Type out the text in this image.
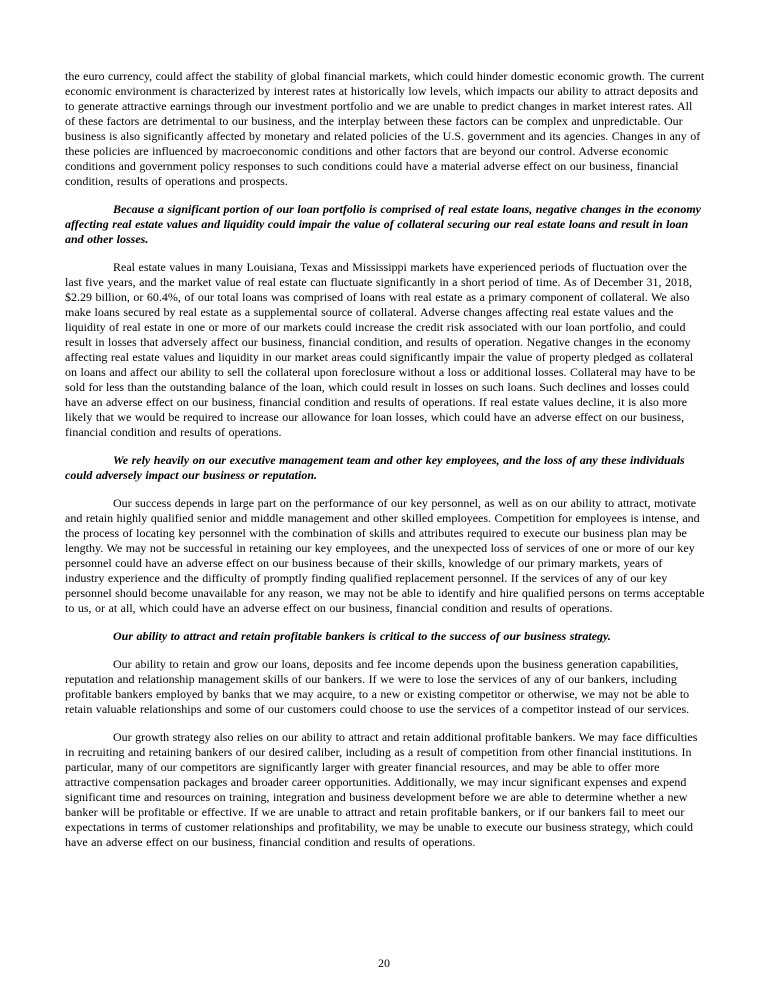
the euro currency, could affect the stability of global financial markets, which could hinder domestic economic growth. The current economic environment is characterized by interest rates at historically low levels, which impacts our ability to attract deposits and to generate attractive earnings through our investment portfolio and we are unable to predict changes in market interest rates. All of these factors are detrimental to our business, and the interplay between these factors can be complex and unpredictable. Our business is also significantly affected by monetary and related policies of the U.S. government and its agencies. Changes in any of these policies are influenced by macroeconomic conditions and other factors that are beyond our control. Adverse economic conditions and government policy responses to such conditions could have a material adverse effect on our business, financial condition, results of operations and prospects.

Because a significant portion of our loan portfolio is comprised of real estate loans, negative changes in the economy affecting real estate values and liquidity could impair the value of collateral securing our real estate loans and result in loan and other losses.

Real estate values in many Louisiana, Texas and Mississippi markets have experienced periods of fluctuation over the last five years, and the market value of real estate can fluctuate significantly in a short period of time. As of December 31, 2018, $2.29 billion, or 60.4%, of our total loans was comprised of loans with real estate as a primary component of collateral. We also make loans secured by real estate as a supplemental source of collateral. Adverse changes affecting real estate values and the liquidity of real estate in one or more of our markets could increase the credit risk associated with our loan portfolio, and could result in losses that adversely affect our business, financial condition, and results of operation. Negative changes in the economy affecting real estate values and liquidity in our market areas could significantly impair the value of property pledged as collateral on loans and affect our ability to sell the collateral upon foreclosure without a loss or additional losses. Collateral may have to be sold for less than the outstanding balance of the loan, which could result in losses on such loans. Such declines and losses could have an adverse effect on our business, financial condition and results of operations. If real estate values decline, it is also more likely that we would be required to increase our allowance for loan losses, which could have an adverse effect on our business, financial condition and results of operations.

We rely heavily on our executive management team and other key employees, and the loss of any these individuals could adversely impact our business or reputation.

Our success depends in large part on the performance of our key personnel, as well as on our ability to attract, motivate and retain highly qualified senior and middle management and other skilled employees. Competition for employees is intense, and the process of locating key personnel with the combination of skills and attributes required to execute our business plan may be lengthy. We may not be successful in retaining our key employees, and the unexpected loss of services of one or more of our key personnel could have an adverse effect on our business because of their skills, knowledge of our primary markets, years of industry experience and the difficulty of promptly finding qualified replacement personnel. If the services of any of our key personnel should become unavailable for any reason, we may not be able to identify and hire qualified persons on terms acceptable to us, or at all, which could have an adverse effect on our business, financial condition and results of operations.

Our ability to attract and retain profitable bankers is critical to the success of our business strategy.

Our ability to retain and grow our loans, deposits and fee income depends upon the business generation capabilities, reputation and relationship management skills of our bankers. If we were to lose the services of any of our bankers, including profitable bankers employed by banks that we may acquire, to a new or existing competitor or otherwise, we may not be able to retain valuable relationships and some of our customers could choose to use the services of a competitor instead of our services.

Our growth strategy also relies on our ability to attract and retain additional profitable bankers. We may face difficulties in recruiting and retaining bankers of our desired caliber, including as a result of competition from other financial institutions. In particular, many of our competitors are significantly larger with greater financial resources, and may be able to offer more attractive compensation packages and broader career opportunities. Additionally, we may incur significant expenses and expend significant time and resources on training, integration and business development before we are able to determine whether a new banker will be profitable or effective. If we are unable to attract and retain profitable bankers, or if our bankers fail to meet our expectations in terms of customer relationships and profitability, we may be unable to execute our business strategy, which could have an adverse effect on our business, financial condition and results of operations.

20
